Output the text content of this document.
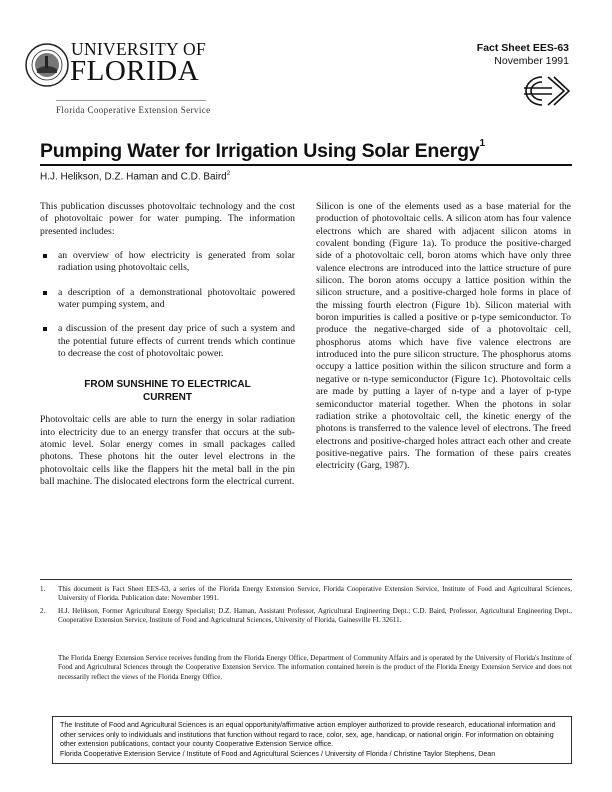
UNIVERSITY OF
FLORIDA
Florida Cooperative Extension Service
Fact Sheet EES-63
November 1991
Pumping Water for Irrigation Using Solar Energy$^1$
H.J. Helikson, D.Z. Haman and C.D. Baird$^2$

This publication discusses photovoltaic technology and the cost of photovoltaic power for water pumping. The information presented includes:

an overview of how electricity is generated from solar radiation using photovoltaic cells,
a description of a demonstrational photovoltaic powered water pumping system, and
a discussion of the present day price of such a system and the potential future effects of current trends which continue to decrease the cost of photovoltaic power.
FROM SUNSHINE TO ELECTRICAL CURRENT

Photovoltaic cells are able to turn the energy in solar radiation into electricity due to an energy transfer that occurs at the sub-atomic level. Solar energy comes in small packages called photons. These photons hit the outer level electrons in the photovoltaic cells like the flappers hit the metal ball in the pin ball machine. The dislocated electrons form the electrical current.

Silicon is one of the elements used as a base material for the production of photovoltaic cells. A silicon atom has four valence electrons which are shared with adjacent silicon atoms in covalent bonding (Figure 1a). To produce the positive-charged side of a photovoltaic cell, boron atoms which have only three valence electrons are introduced into the lattice structure of pure silicon. The boron atoms occupy a lattice position within the silicon structure, and a positive-charged hole forms in place of the missing fourth electron (Figure 1b). Silicon material with boron impurities is called a positive or p-type semiconductor. To produce the negative-charged side of a photovoltaic cell, phosphorus atoms which have five valence electrons are introduced into the pure silicon structure. The phosphorus atoms occupy a lattice position within the silicon structure and form a negative or n-type semiconductor (Figure 1c). Photovoltaic cells are made by putting a layer of n-type and a layer of p-type semiconductor material together. When the photons in solar radiation strike a photovoltaic cell, the kinetic energy of the photons is transferred to the valence level of electrons. The freed electrons and positive-charged holes attract each other and create positive-negative pairs. The formation of these pairs creates electricity (Garg, 1987).

1. This document is Fact Sheet EES-63, a series of the Florida Energy Extension Service, Florida Cooperative Extension Service, Institute of Food and Agricultural Sciences, University of Florida. Publication date: November 1991.
2. H.J. Helikson, Former Agricultural Energy Specialist; D.Z. Haman, Assistant Professor, Agricultural Engineering Dept.; C.D. Baird, Professor, Agricultural Engineering Dept., Cooperative Extension Service, Institute of Food and Agricultural Sciences, University of Florida, Gainesville FL 32611.
The Florida Energy Extension Service receives funding from the Florida Energy Office, Department of Community Affairs and is operated by the University of Florida's Institute of Food and Agricultural Sciences through the Cooperative Extension Service. The information contained herein is the product of the Florida Energy Extension Service and does not necessarily reflect the views of the Florida Energy Office.
The Institute of Food and Agricultural Sciences is an equal opportunity/affirmative action employer authorized to provide research, educational information and other services only to individuals and institutions that function without regard to race, color, sex, age, handicap, or national origin. For information on obtaining other extension publications, contact your county Cooperative Extension Service office.
Florida Cooperative Extension Service / Institute of Food and Agricultural Sciences / University of Florida / Christine Taylor Stephens, Dean
